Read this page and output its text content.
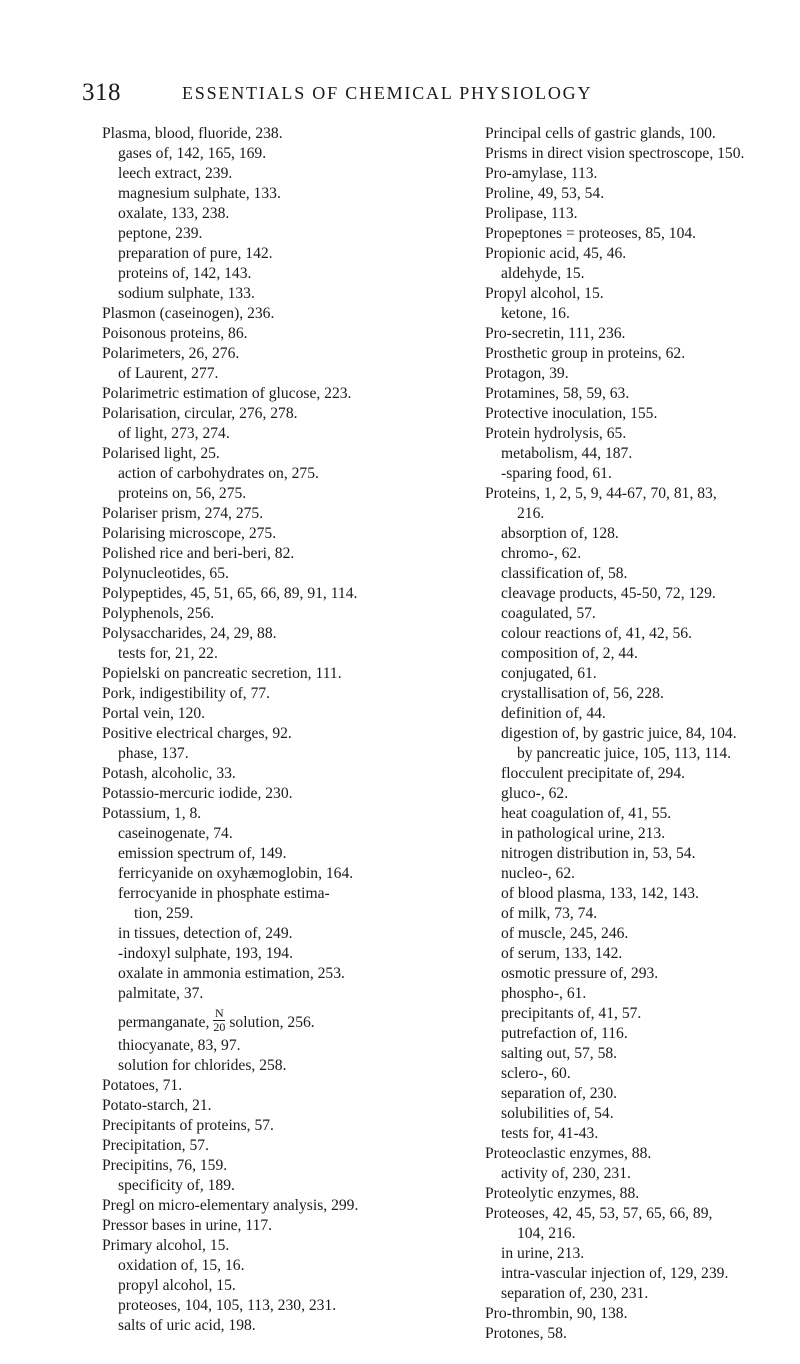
318	ESSENTIALS OF CHEMICAL PHYSIOLOGY
Plasma, blood, fluoride, 238.
gases of, 142, 165, 169.
leech extract, 239.
magnesium sulphate, 133.
oxalate, 133, 238.
peptone, 239.
preparation of pure, 142.
proteins of, 142, 143.
sodium sulphate, 133.
Plasmon (caseinogen), 236.
Poisonous proteins, 86.
Polarimeters, 26, 276.
of Laurent, 277.
Polarimetric estimation of glucose, 223.
Polarisation, circular, 276, 278.
of light, 273, 274.
Polarised light, 25.
action of carbohydrates on, 275.
proteins on, 56, 275.
Polariser prism, 274, 275.
Polarising microscope, 275.
Polished rice and beri-beri, 82.
Polynucleotides, 65.
Polypeptides, 45, 51, 65, 66, 89, 91, 114.
Polyphenols, 256.
Polysaccharides, 24, 29, 88.
tests for, 21, 22.
Popielski on pancreatic secretion, 111.
Pork, indigestibility of, 77.
Portal vein, 120.
Positive electrical charges, 92.
phase, 137.
Potash, alcoholic, 33.
Potassio-mercuric iodide, 230.
Potassium, 1, 8.
caseinogenate, 74.
emission spectrum of, 149.
ferricyanide on oxyhæmoglobin, 164.
ferrocyanide in phosphate estima-
tion, 259.
in tissues, detection of, 249.
-indoxyl sulphate, 193, 194.
oxalate in ammonia estimation, 253.
palmitate, 37.
permanganate, $\frac{N}{20}$ solution, 256.
thiocyanate, 83, 97.
solution for chlorides, 258.
Potatoes, 71.
Potato-starch, 21.
Precipitants of proteins, 57.
Precipitation, 57.
Precipitins, 76, 159.
specificity of, 189.
Pregl on micro-elementary analysis, 299.
Pressor bases in urine, 117.
Primary alcohol, 15.
oxidation of, 15, 16.
propyl alcohol, 15.
proteoses, 104, 105, 113, 230, 231.
salts of uric acid, 198.
Principal cells of gastric glands, 100.
Prisms in direct vision spectroscope, 150.
Pro-amylase, 113.
Proline, 49, 53, 54.
Prolipase, 113.
Propeptones = proteoses, 85, 104.
Propionic acid, 45, 46.
aldehyde, 15.
Propyl alcohol, 15.
ketone, 16.
Pro-secretin, 111, 236.
Prosthetic group in proteins, 62.
Protagon, 39.
Protamines, 58, 59, 63.
Protective inoculation, 155.
Protein hydrolysis, 65.
metabolism, 44, 187.
-sparing food, 61.
Proteins, 1, 2, 5, 9, 44-67, 70, 81, 83,
216.
absorption of, 128.
chromo-, 62.
classification of, 58.
cleavage products, 45-50, 72, 129.
coagulated, 57.
colour reactions of, 41, 42, 56.
composition of, 2, 44.
conjugated, 61.
crystallisation of, 56, 228.
definition of, 44.
digestion of, by gastric juice, 84, 104.
by pancreatic juice, 105, 113, 114.
flocculent precipitate of, 294.
gluco-, 62.
heat coagulation of, 41, 55.
in pathological urine, 213.
nitrogen distribution in, 53, 54.
nucleo-, 62.
of blood plasma, 133, 142, 143.
of milk, 73, 74.
of muscle, 245, 246.
of serum, 133, 142.
osmotic pressure of, 293.
phospho-, 61.
precipitants of, 41, 57.
putrefaction of, 116.
salting out, 57, 58.
sclero-, 60.
separation of, 230.
solubilities of, 54.
tests for, 41-43.
Proteoclastic enzymes, 88.
activity of, 230, 231.
Proteolytic enzymes, 88.
Proteoses, 42, 45, 53, 57, 65, 66, 89,
104, 216.
in urine, 213.
intra-vascular injection of, 129, 239.
separation of, 230, 231.
Pro-thrombin, 90, 138.
Protones, 58.
